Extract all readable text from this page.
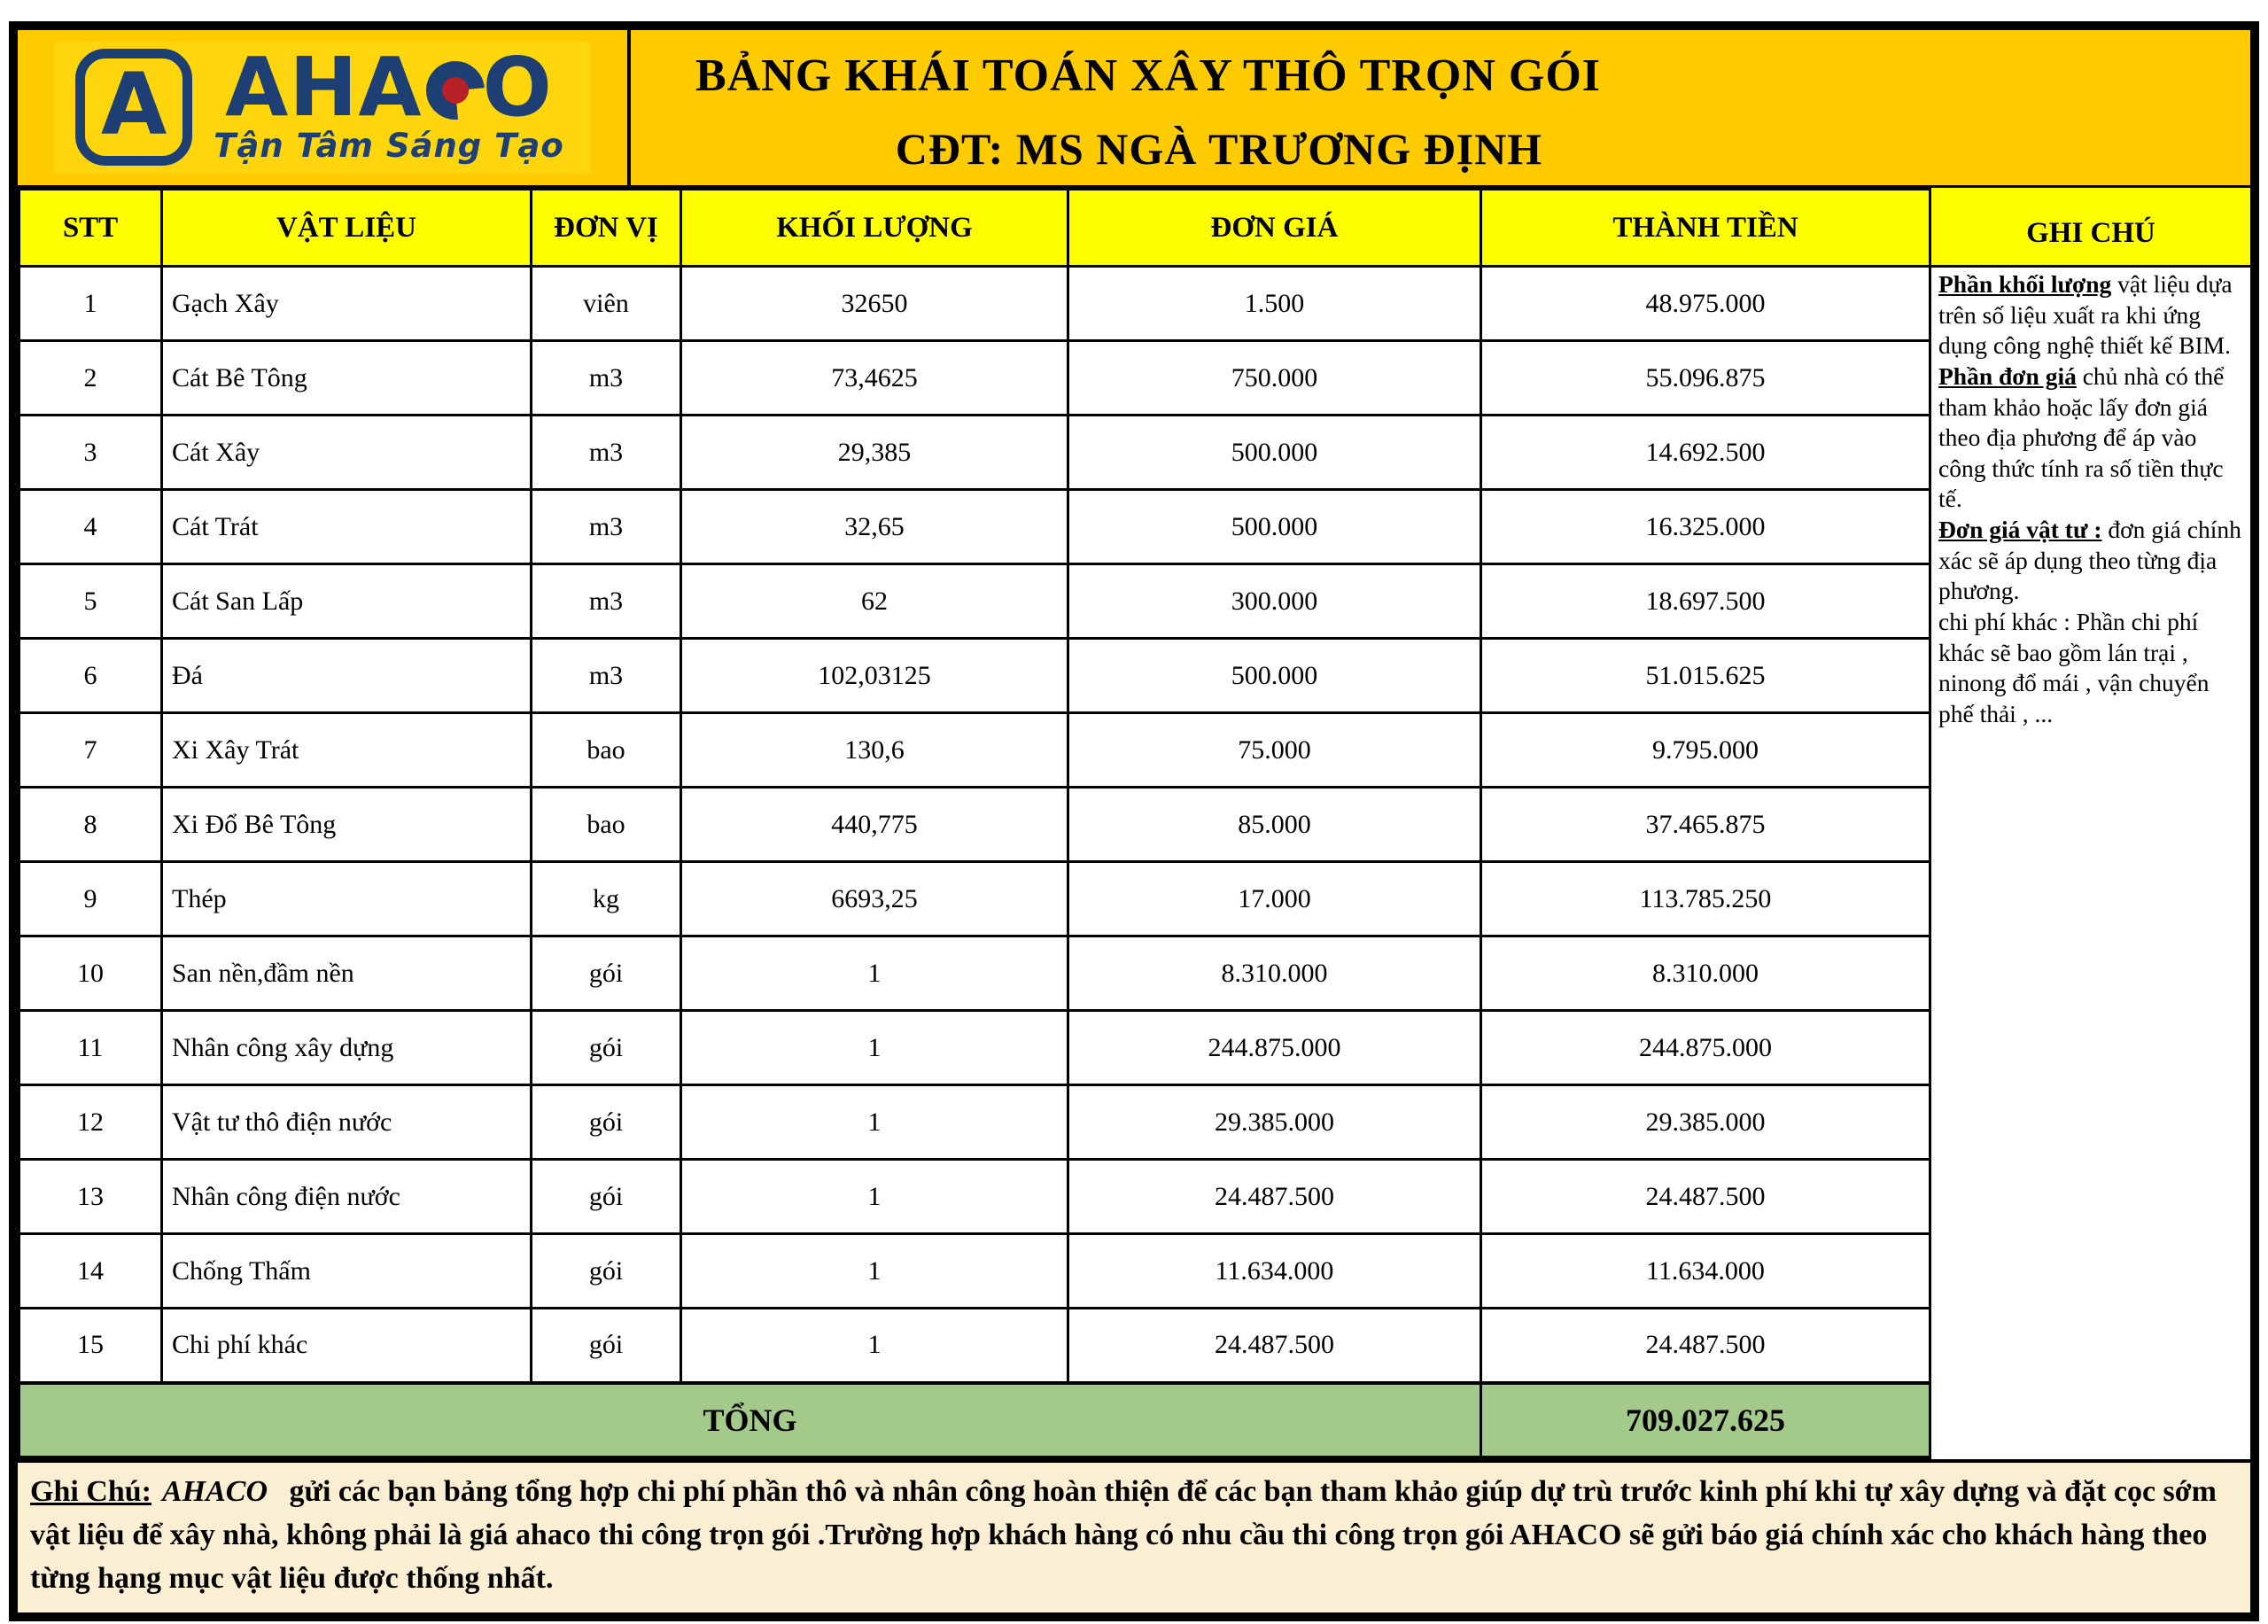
A AHA O
Tận Tâm Sáng Tạo
BẢNG KHÁI TOÁN XÂY THÔ TRỌN GÓI
CĐT: MS NGÀ TRƯƠNG ĐỊNH
STT	VẬT LIỆU	ĐƠN VỊ	KHỐI LƯỢNG	ĐƠN GIÁ	THÀNH TIỀN
1	Gạch Xây	viên	32650	1.500	48.975.000
2	Cát Bê Tông	m3	73,4625	750.000	55.096.875
3	Cát Xây	m3	29,385	500.000	14.692.500
4	Cát Trát	m3	32,65	500.000	16.325.000
5	Cát San Lấp	m3	62	300.000	18.697.500
6	Đá	m3	102,03125	500.000	51.015.625
7	Xi Xây Trát	bao	130,6	75.000	9.795.000
8	Xi Đổ Bê Tông	bao	440,775	85.000	37.465.875
9	Thép	kg	6693,25	17.000	113.785.250
10	San nền,đầm nền	gói	1	8.310.000	8.310.000
11	Nhân công xây dựng	gói	1	244.875.000	244.875.000
12	Vật tư thô điện nước	gói	1	29.385.000	29.385.000
13	Nhân công điện nước	gói	1	24.487.500	24.487.500
14	Chống Thấm	gói	1	11.634.000	11.634.000
15	Chi phí khác	gói	1	24.487.500	24.487.500
TỔNG					709.027.625
GHI CHÚ
Phần khối lượng vật liệu dựa trên số liệu xuất ra khi ứng dụng công nghệ thiết kế BIM.
Phần đơn giá chủ nhà có thể tham khảo hoặc lấy đơn giá theo địa phương để áp vào công thức tính ra số tiền thực tế.
Đơn giá vật tư : đơn giá chính xác sẽ áp dụng theo từng địa phương.
chi phí khác : Phần chi phí khác sẽ bao gồm lán trại , ninong đổ mái , vận chuyển phế thải , ...
Ghi Chú: AHACO gửi các bạn bảng tổng hợp chi phí phần thô và nhân công hoàn thiện để các bạn tham khảo giúp dự trù trước kinh phí khi tự xây dựng và đặt cọc sớm vật liệu để xây nhà, không phải là giá ahaco thi công trọn gói .Trường hợp khách hàng có nhu cầu thi công trọn gói AHACO sẽ gửi báo giá chính xác cho khách hàng theo từng hạng mục vật liệu được thống nhất.
